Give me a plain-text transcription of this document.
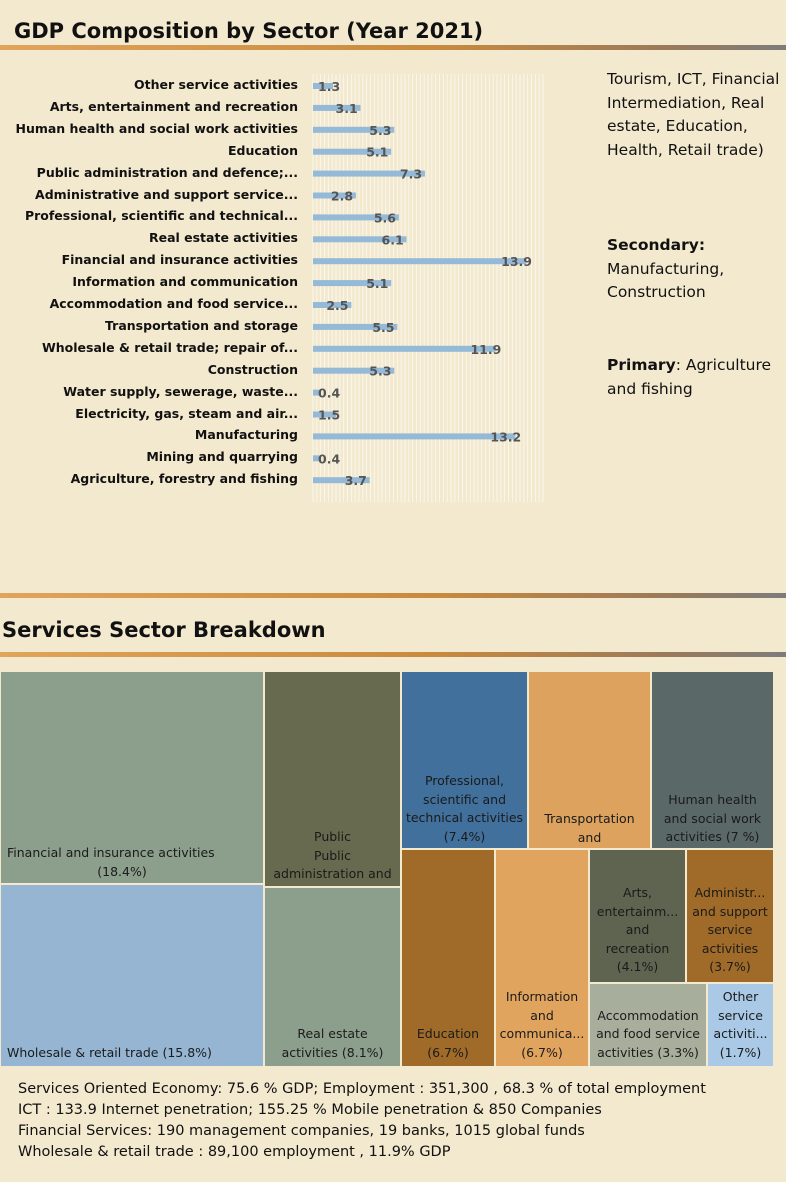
GDP Composition by Sector (Year 2021)
1.3
3.1
5.3
5.1
7.3
2.8
5.6
6.1
13.9
5.1
2.5
5.5
11.9
5.3
0.4
1.5
13.2
0.4
3.7
Other service activities
Arts, entertainment and recreation
Human health and social work activities
Education
Public administration and defence;...
Administrative and support service...
Professional, scientific and technical...
Real estate activities
Financial and insurance activities
Information and communication
Accommodation and food service...
Transportation and storage
Wholesale & retail trade; repair of...
Construction
Water supply, sewerage, waste...
Electricity, gas, steam and air...
Manufacturing
Mining and quarrying
Agriculture, forestry and fishing
Tourism, ICT, Financial Intermediation, Real estate, Education, Health, Retail trade)
Secondary:
Manufacturing, Construction
Primary: Agriculture and fishing
Services Sector Breakdown
Financial and insurance activities
(18.4%)
Wholesale & retail trade (15.8%)
Public
Public administration and
Real estate
activities (8.1%)
Professional,
scientific and
technical activities
(7.4%)
Transportation
and
Human health
and social work
activities (7 %)
Education
(6.7%)
Information
and
communica...
(6.7%)
Arts,
entertainm...
and
recreation
(4.1%)
Administr...
and support
service
activities
(3.7%)
Accommodation
and food service
activities (3.3%)
Other
service
activiti...
(1.7%)
Services Oriented Economy: 75.6 % GDP; Employment : 351,300 , 68.3 % of total employment
ICT : 133.9 Internet penetration; 155.25 % Mobile penetration & 850 Companies
Financial Services: 190 management companies, 19 banks, 1015 global funds
Wholesale & retail trade : 89,100 employment , 11.9% GDP
